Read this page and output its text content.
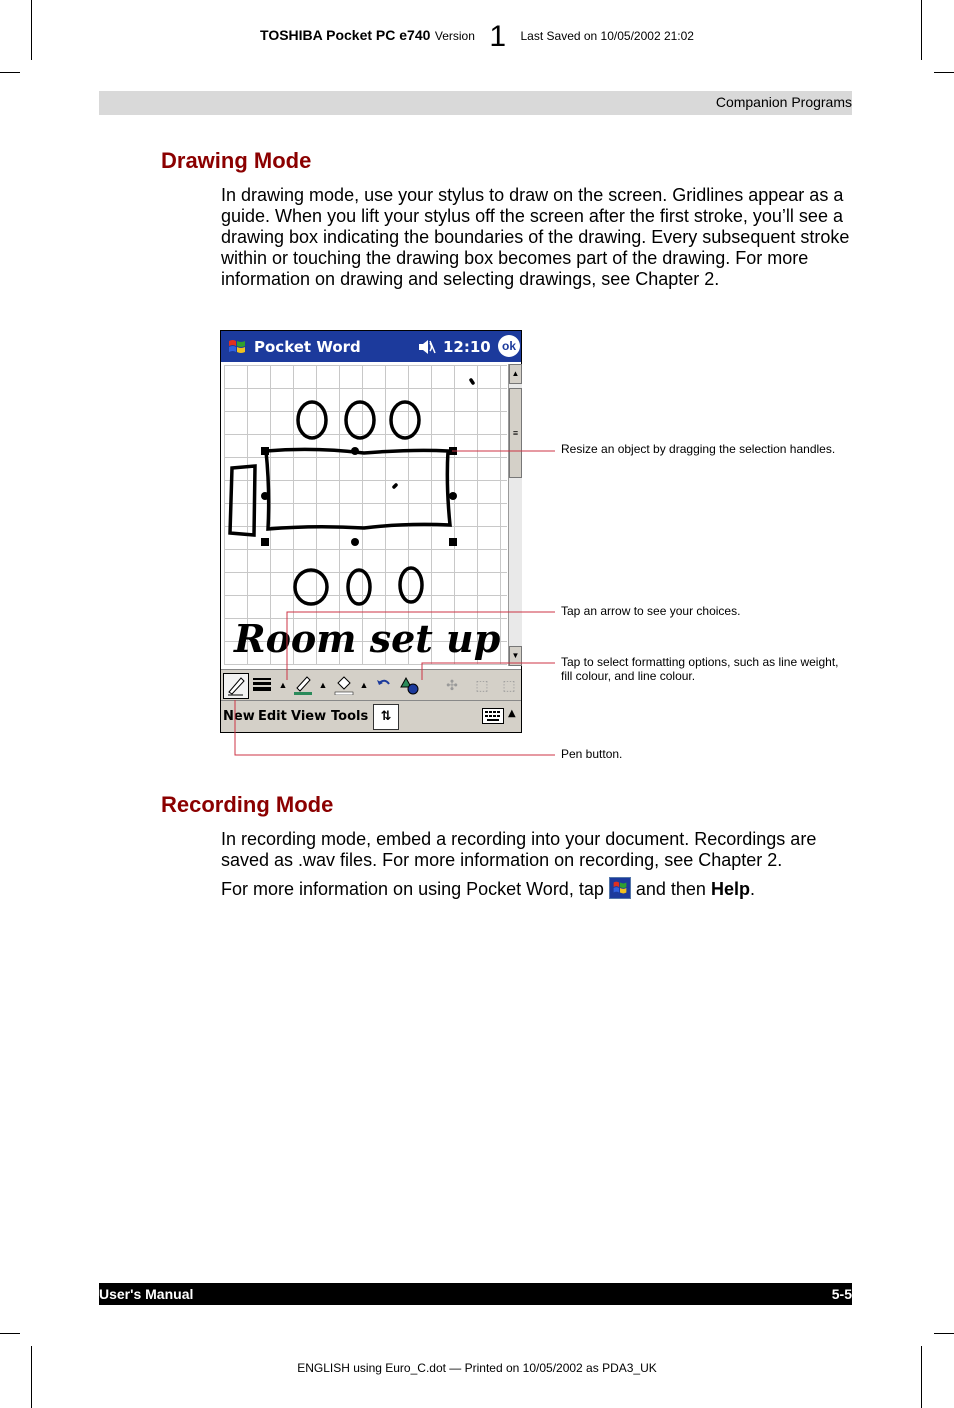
TOSHIBA Pocket PC e740 Version 1 Last Saved on 10/05/2002 21:02
Companion Programs
Drawing Mode

In drawing mode, use your stylus to draw on the screen. Gridlines appear as a guide. When you lift your stylus off the screen after the first stroke, you’ll see a drawing box indicating the boundaries of the drawing. Every subsequent stroke within or touching the drawing box becomes part of the drawing. For more information on drawing and selecting drawings, see Chapter 2.

Pocket Word	12:10 ok
Room set up
▲
≡
▼
▲	▲	▲	✣	⬚ ⬚
New Edit View Tools ⇅	▲
Resize an object by dragging the selection handles.
Tap an arrow to see your choices.
Tap to select formatting options, such as line weight, fill colour, and line colour.
Pen button.
Recording Mode

In recording mode, embed a recording into your document. Recordings are saved as .wav files. For more information on recording, see Chapter 2.

For more information on using Pocket Word, tap and then Help.

User's Manual	5-5
ENGLISH using Euro_C.dot — Printed on 10/05/2002 as PDA3_UK
